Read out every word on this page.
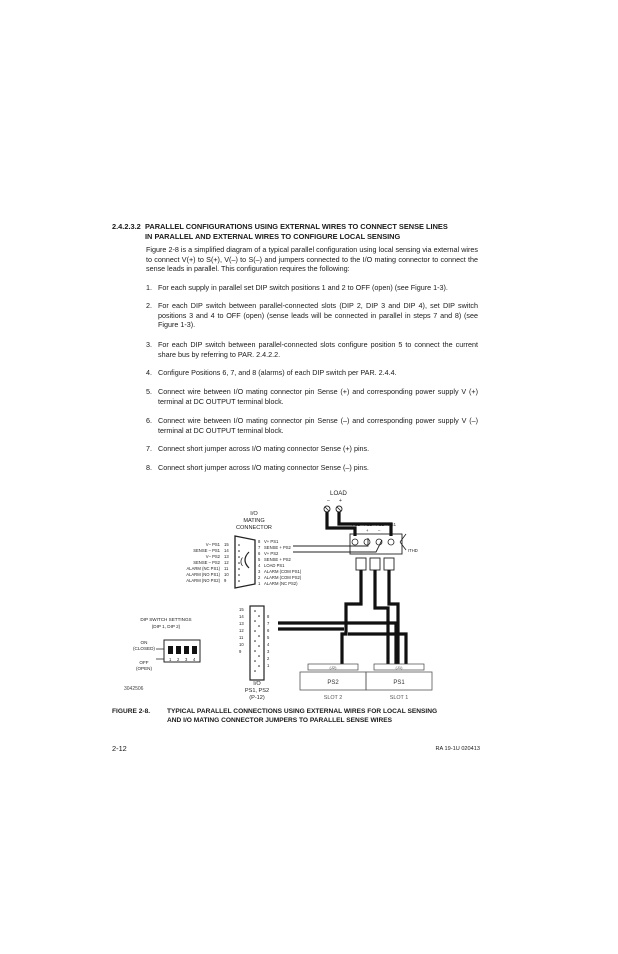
2.4.2.3.2 PARALLEL CONFIGURATIONS USING EXTERNAL WIRES TO CONNECT SENSE LINES
IN PARALLEL AND EXTERNAL WIRES TO CONFIGURE LOCAL SENSING
Figure 2-8 is a simplified diagram of a typical parallel configuration using local sensing via external wires to connect V(+) to S(+), V(–) to S(–) and jumpers connected to the I/O mating connector to connect the sense leads in parallel. This configuration requires the following:
1. For each supply in parallel set DIP switch positions 1 and 2 to OFF (open) (see Figure 1-3).
2. For each DIP switch between parallel-connected slots (DIP 2, DIP 3 and DIP 4), set DIP switch positions 3 and 4 to OFF (open) (sense leads will be connected in parallel in steps 7 and 8) (see Figure 1-3).
3. For each DIP switch between parallel-connected slots configure position 5 to connect the current share bus by referring to PAR. 2.4.2.2.
4. Configure Positions 6, 7, and 8 (alarms) of each DIP switch per PAR. 2.4.4.
5. Connect wire between I/O mating connector pin Sense (+) and corresponding power supply V (+) terminal at DC OUTPUT terminal block.
6. Connect wire between I/O mating connector pin Sense (–) and corresponding power supply V (–) terminal at DC OUTPUT terminal block.
7. Connect short jumper across I/O mating connector Sense (+) pins.
8. Connect short jumper across I/O mating connector Sense (–) pins.
LOAD
– +
I/O
MATING
CONNECTOR
V– PS1
SENSE – PS1
V– PS2
SENSE – PS2
ALARM (NC PS1)
ALARM (NO PS1)
ALARM (NO PS2)
15
14
13
12
11
10
9
(
8
7
6
5
4
3
2
1
V+ PS1
SENSE + PS2
V+ PS2
SENSE + PS2
LOAD PS1
ALARM (COM PS1)
ALARM (COM PS2)
ALARM (NC PS2)
PS2 PS2 PS1 PS1
– + – +
ITHD
DIP SWITCH SETTINGS
(DIP 1, DIP 2)
ON
(CLOSED)
OFF
(OPEN)
1 2 3 4
15
14
13
12
11
10
9
8
7
6
5
4
3
2
1
I/O
PS1, PS2
(P-12)
(J2)	(J1)
PS2	PS1
SLOT 2	SLOT 1
3042506
FIGURE 2-8.	TYPICAL PARALLEL CONNECTIONS USING EXTERNAL WIRES FOR LOCAL SENSING
AND I/O MATING CONNECTOR JUMPERS TO PARALLEL SENSE WIRES
2-12	RA 19-1U 020413
